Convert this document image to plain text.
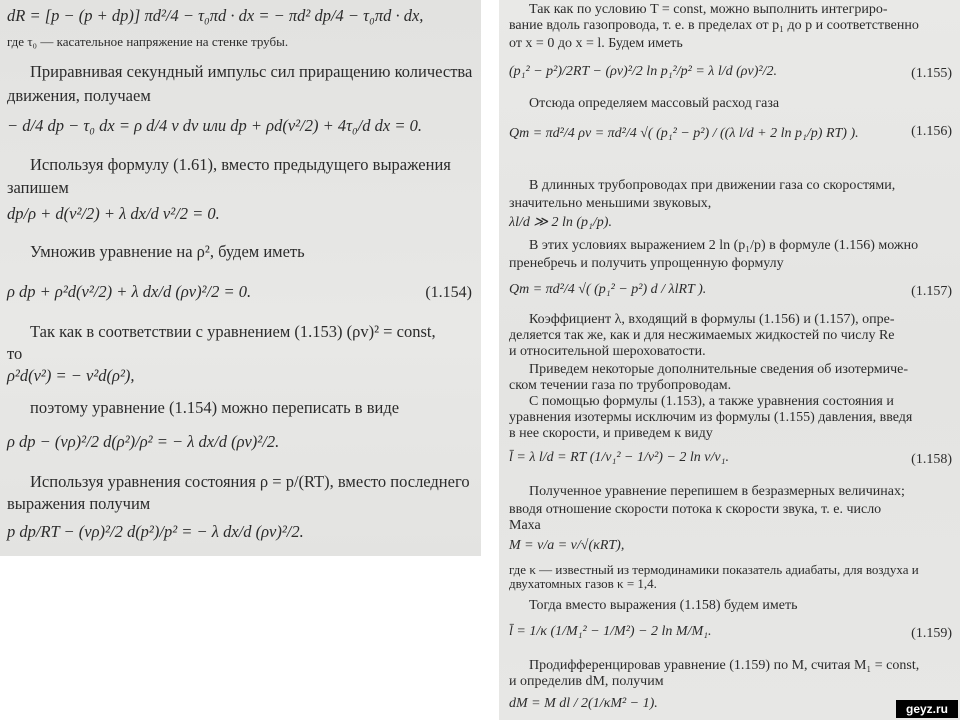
dR = [p − (p + dp)] πd²/4 − τ₀πd · dx = − πd² dp/4 − τ₀πd · dx,
где τ₀ — касательное напряжение на стенке трубы.
Приравнивая секундный импульс сил приращению количества
движения, получаем
− d/4 dp − τ₀ dx = ρ d/4 v dv или dp + ρd(v²/2) + 4τ₀/d dx = 0.
Используя формулу (1.61), вместо предыдущего выражения
запишем
dp/ρ + d(v²/2) + λ dx/d v²/2 = 0.
Умножив уравнение на ρ², будем иметь
ρ dp + ρ²d(v²/2) + λ dx/d (ρv)²/2 = 0.	(1.154)
Так как в соответствии с уравнением (1.153) (ρv)² = const,
то
ρ²d(v²) = − v²d(ρ²),
поэтому уравнение (1.154) можно переписать в виде
ρ dp − (vρ)²/2 d(ρ²)/ρ² = − λ dx/d (ρv)²/2.
Используя уравнения состояния ρ = p/(RT), вместо последнего
выражения получим
p dp/RT − (vρ)²/2 d(p²)/p² = − λ dx/d (ρv)²/2.
Так как по условию T = const, можно выполнить интегриро-
вание вдоль газопровода, т. е. в пределах от p₁ до p и соответственно
от x = 0 до x = l. Будем иметь
(p₁² − p²)/2RT − (ρv)²/2 ln p₁²/p² = λ l/d (ρv)²/2.	(1.155)
Отсюда определяем массовый расход газа
Qm = πd²/4 ρv = πd²/4 √( (p₁² − p²) / ((λ l/d + 2 ln p₁/p) RT) ).	(1.156)
В длинных трубопроводах при движении газа со скоростями,
значительно меньшими звуковых,
λl/d ≫ 2 ln (p₁/p).
В этих условиях выражением 2 ln (p₁/p) в формуле (1.156) можно
пренебречь и получить упрощенную формулу
Qm = πd²/4 √( (p₁² − p²) d / λlRT ).	(1.157)
Коэффициент λ, входящий в формулы (1.156) и (1.157), опре-
деляется так же, как и для несжимаемых жидкостей по числу Re
и относительной шероховатости.
Приведем некоторые дополнительные сведения об изотермиче-
ском течении газа по трубопроводам.
С помощью формулы (1.153), а также уравнения состояния и
уравнения изотермы исключим из формулы (1.155) давления, введя
в нее скорости, и приведем к виду
l̄ = λ l/d = RT (1/v₁² − 1/v²) − 2 ln v/v₁.	(1.158)
Полученное уравнение перепишем в безразмерных величинах;
вводя отношение скорости потока к скорости звука, т. е. число
Маха
M = v/a = v/√(κRT),
где κ — известный из термодинамики показатель адиабаты, для воздуха и
двухатомных газов κ = 1,4.
Тогда вместо выражения (1.158) будем иметь
l̄ = 1/κ (1/M₁² − 1/M²) − 2 ln M/M₁.	(1.159)
Продифференцировав уравнение (1.159) по M, считая M₁ = const,
и определив dM, получим
dM = M dl / 2(1/κM² − 1).	geyz.ru
